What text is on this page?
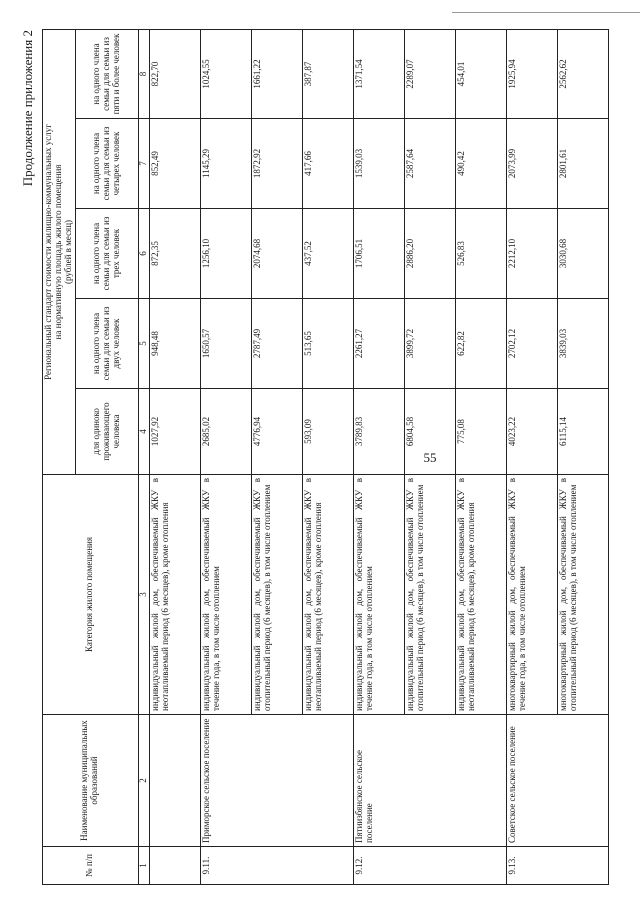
55
Продолжение приложения 2
№ п/п	Наименование муниципальных образований	Категория жилого помещения	Региональный стандарт стоимости жилищно-коммунальных услуг на нормативную площадь жилого помещения (рублей в месяц)				

			для одиноко проживающего человека	на одного члена семьи для семьи из двух человек	на одного члена семьи для семьи из трех человек	на одного члена семьи для семьи из четырех человек	на одного члена семьи для семьи из пяти и более человек
1	2	3	4	5	6	7	8
		индивидуальный жилой дом, обеспечиваемый ЖКУ в неотапливаемый период (6 месяцев), кроме отопления	1027,92	948,48	872,35	852,49	822,70
9.11.	Приморское сельское поселение	индивидуальный жилой дом, обеспечиваемый ЖКУ в течение года, в том числе отоплением	2685,02	1650,57	1256,10	1145,29	1024,55
		индивидуальный жилой дом, обеспечиваемый ЖКУ в отопительный период (6 месяцев), в том числе отоплением	4776,94	2787,49	2074,68	1872,92	1661,22
		индивидуальный жилой дом, обеспечиваемый ЖКУ в неотапливаемый период (6 месяцев), кроме отопления	593,09	513,65	437,52	417,66	387,87
9.12.	Пятиизбянское сельское поселение	индивидуальный жилой дом, обеспечиваемый ЖКУ в течение года, в том числе отоплением	3789,83	2261,27	1706,51	1539,03	1371,54
		индивидуальный жилой дом, обеспечиваемый ЖКУ в отопительный период (6 месяцев), в том числе отоплением	6804,58	3899,72	2886,20	2587,64	2289,07
		индивидуальный жилой дом, обеспечиваемый ЖКУ в неотапливаемый период (6 месяцев), кроме отопления	775,08	622,82	526,83	490,42	454,01
9.13.	Советское сельское поселение	многоквартирный жилой дом, обеспечиваемый ЖКУ в течение года, в том числе отоплением	4023,22	2702,12	2212,10	2073,99	1925,94
		многоквартирный жилой дом, обеспечиваемый ЖКУ в отопительный период (6 месяцев), в том числе отоплением	6115,14	3839,03	3030,68	2801,61	2562,62
